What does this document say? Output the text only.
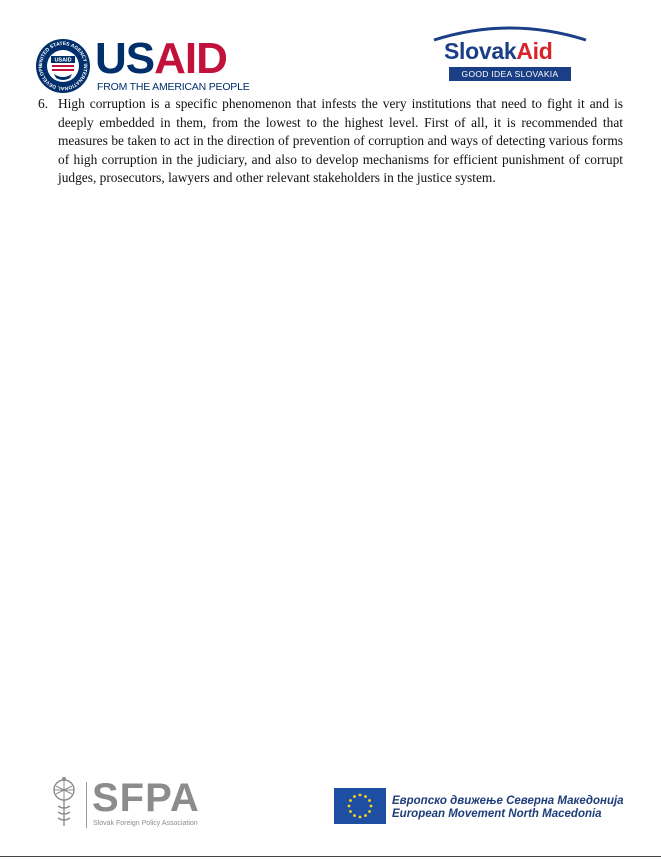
UNITED STATES AGENCY INTERNATIONAL DEVELOPM
USAID USAID
FROM THE AMERICAN PEOPLE
SlovakAid
GOOD IDEA SLOVAKIA
6. High corruption is a specific phenomenon that infests the very institutions that need to fight it and is deeply embedded in them, from the lowest to the highest level. First of all, it is recommended that measures be taken to act in the direction of prevention of corruption and ways of detecting various forms of high corruption in the judiciary, and also to develop mechanisms for efficient punishment of corrupt judges, prosecutors, lawyers and other relevant stakeholders in the justice system.
SFPA
Slovak Foreign Policy Association
Европско движење Северна Македонија
European Movement North Macedonia
